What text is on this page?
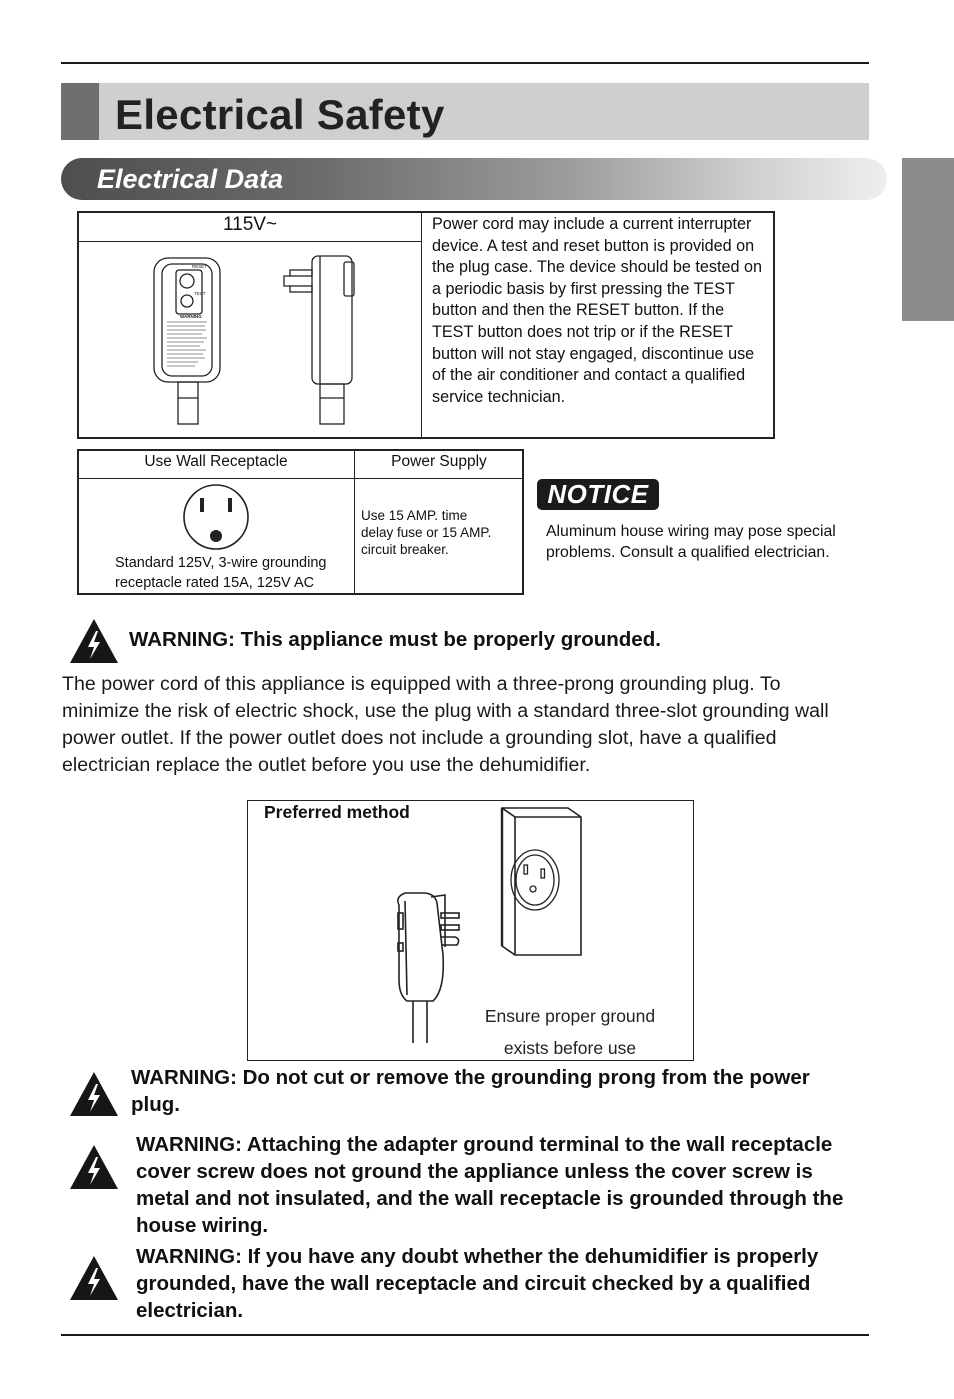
Electrical Safety
Electrical Data
115V~	Power cord may include a current interrupter device. A test and reset button is provided on the plug case. The device should be tested on a periodic basis by first pressing the TEST button and then the RESET button. If the TEST button does not trip or if the RESET button will not stay engaged, discontinue use of the air conditioner and contact a qualified service technician.
RESET
TEST
WARNING
Use Wall Receptacle	Power Supply
Standard 125V, 3-wire grounding
receptacle rated 15A, 125V AC
Use 15 AMP. time
delay fuse or 15 AMP.
circuit breaker.
NOTICE
Aluminum house wiring may pose special problems. Consult a qualified electrician.
WARNING: This appliance must be properly grounded.
The power cord of this appliance is equipped with a three-prong grounding plug. To minimize the risk of electric shock, use the plug with a standard three-slot grounding wall power outlet. If the power outlet does not include a grounding slot, have a qualified electrician replace the outlet before you use the dehumidifier.
Preferred method
Ensure proper ground
exists before use
WARNING: Do not cut or remove the grounding prong from the power plug.
WARNING: Attaching the adapter ground terminal to the wall receptacle cover screw does not ground the appliance unless the cover screw is metal and not insulated, and the wall receptacle is grounded through the house wiring.
WARNING: If you have any doubt whether the dehumidifier is properly grounded, have the wall receptacle and circuit checked by a qualified electrician.
